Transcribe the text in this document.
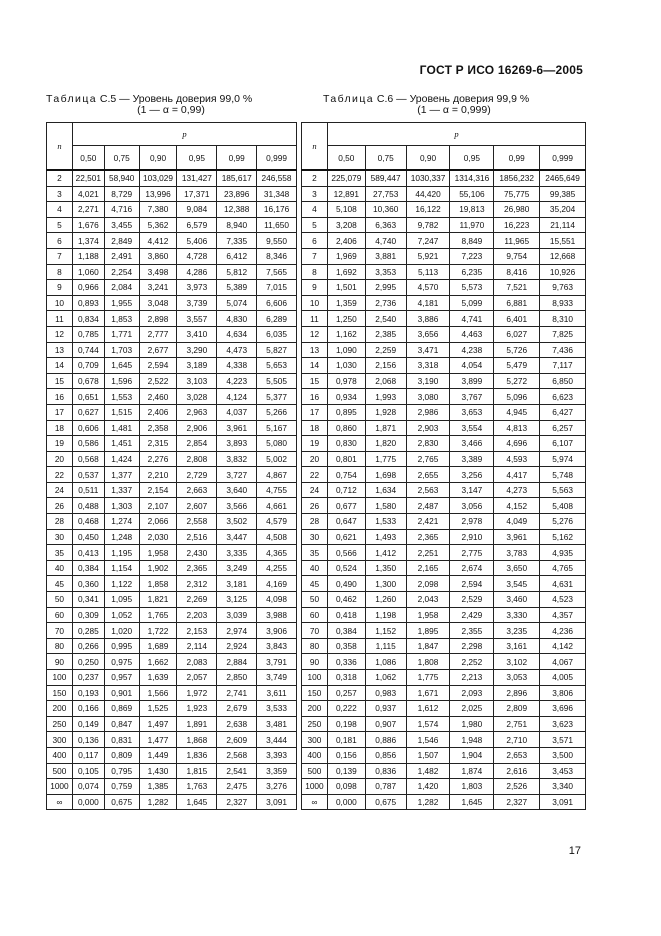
ГОСТ Р ИСО 16269-6—2005
Таблица С.5 — Уровень доверия 99,0 %
(1 — α = 0,99)
Таблица С.6 — Уровень доверия 99,9 %
(1 — α = 0,999)
n	p					
	0,50	0,75	0,90	0,95	0,99	0,999
2	22,501	58,940	103,029	131,427	185,617	246,558
3	4,021	8,729	13,996	17,371	23,896	31,348
4	2,271	4,716	7,380	9,084	12,388	16,176
5	1,676	3,455	5,362	6,579	8,940	11,650
6	1,374	2,849	4,412	5,406	7,335	9,550
7	1,188	2,491	3,860	4,728	6,412	8,346
8	1,060	2,254	3,498	4,286	5,812	7,565
9	0,966	2,084	3,241	3,973	5,389	7,015
10	0,893	1,955	3,048	3,739	5,074	6,606
11	0,834	1,853	2,898	3,557	4,830	6,289
12	0,785	1,771	2,777	3,410	4,634	6,035
13	0,744	1,703	2,677	3,290	4,473	5,827
14	0,709	1,645	2,594	3,189	4,338	5,653
15	0,678	1,596	2,522	3,103	4,223	5,505
16	0,651	1,553	2,460	3,028	4,124	5,377
17	0,627	1,515	2,406	2,963	4,037	5,266
18	0,606	1,481	2,358	2,906	3,961	5,167
19	0,586	1,451	2,315	2,854	3,893	5,080
20	0,568	1,424	2,276	2,808	3,832	5,002
22	0,537	1,377	2,210	2,729	3,727	4,867
24	0,511	1,337	2,154	2,663	3,640	4,755
26	0,488	1,303	2,107	2,607	3,566	4,661
28	0,468	1,274	2,066	2,558	3,502	4,579
30	0,450	1,248	2,030	2,516	3,447	4,508
35	0,413	1,195	1,958	2,430	3,335	4,365
40	0,384	1,154	1,902	2,365	3,249	4,255
45	0,360	1,122	1,858	2,312	3,181	4,169
50	0,341	1,095	1,821	2,269	3,125	4,098
60	0,309	1,052	1,765	2,203	3,039	3,988
70	0,285	1,020	1,722	2,153	2,974	3,906
80	0,266	0,995	1,689	2,114	2,924	3,843
90	0,250	0,975	1,662	2,083	2,884	3,791
100	0,237	0,957	1,639	2,057	2,850	3,749
150	0,193	0,901	1,566	1,972	2,741	3,611
200	0,166	0,869	1,525	1,923	2,679	3,533
250	0,149	0,847	1,497	1,891	2,638	3,481
300	0,136	0,831	1,477	1,868	2,609	3,444
400	0,117	0,809	1,449	1,836	2,568	3,393
500	0,105	0,795	1,430	1,815	2,541	3,359
1000	0,074	0,759	1,385	1,763	2,475	3,276
∞	0,000	0,675	1,282	1,645	2,327	3,091
n	p					
	0,50	0,75	0,90	0,95	0,99	0,999
2	225,079	589,447	1030,337	1314,316	1856,232	2465,649
3	12,891	27,753	44,420	55,106	75,775	99,385
4	5,108	10,360	16,122	19,813	26,980	35,204
5	3,208	6,363	9,782	11,970	16,223	21,114
6	2,406	4,740	7,247	8,849	11,965	15,551
7	1,969	3,881	5,921	7,223	9,754	12,668
8	1,692	3,353	5,113	6,235	8,416	10,926
9	1,501	2,995	4,570	5,573	7,521	9,763
10	1,359	2,736	4,181	5,099	6,881	8,933
11	1,250	2,540	3,886	4,741	6,401	8,310
12	1,162	2,385	3,656	4,463	6,027	7,825
13	1,090	2,259	3,471	4,238	5,726	7,436
14	1,030	2,156	3,318	4,054	5,479	7,117
15	0,978	2,068	3,190	3,899	5,272	6,850
16	0,934	1,993	3,080	3,767	5,096	6,623
17	0,895	1,928	2,986	3,653	4,945	6,427
18	0,860	1,871	2,903	3,554	4,813	6,257
19	0,830	1,820	2,830	3,466	4,696	6,107
20	0,801	1,775	2,765	3,389	4,593	5,974
22	0,754	1,698	2,655	3,256	4,417	5,748
24	0,712	1,634	2,563	3,147	4,273	5,563
26	0,677	1,580	2,487	3,056	4,152	5,408
28	0,647	1,533	2,421	2,978	4,049	5,276
30	0,621	1,493	2,365	2,910	3,961	5,162
35	0,566	1,412	2,251	2,775	3,783	4,935
40	0,524	1,350	2,165	2,674	3,650	4,765
45	0,490	1,300	2,098	2,594	3,545	4,631
50	0,462	1,260	2,043	2,529	3,460	4,523
60	0,418	1,198	1,958	2,429	3,330	4,357
70	0,384	1,152	1,895	2,355	3,235	4,236
80	0,358	1,115	1,847	2,298	3,161	4,142
90	0,336	1,086	1,808	2,252	3,102	4,067
100	0,318	1,062	1,775	2,213	3,053	4,005
150	0,257	0,983	1,671	2,093	2,896	3,806
200	0,222	0,937	1,612	2,025	2,809	3,696
250	0,198	0,907	1,574	1,980	2,751	3,623
300	0,181	0,886	1,546	1,948	2,710	3,571
400	0,156	0,856	1,507	1,904	2,653	3,500
500	0,139	0,836	1,482	1,874	2,616	3,453
1000	0,098	0,787	1,420	1,803	2,526	3,340
∞	0,000	0,675	1,282	1,645	2,327	3,091
17
